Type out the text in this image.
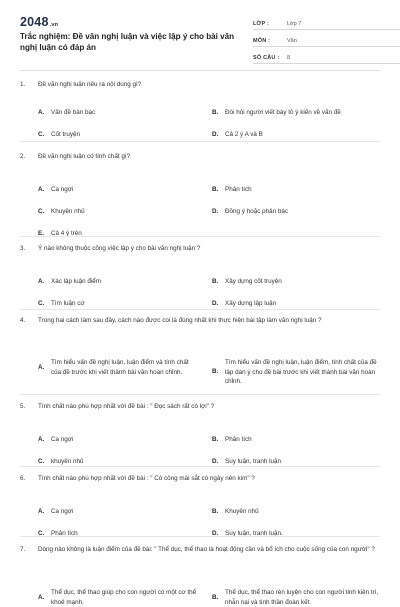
2048.vn
Trắc nghiệm: Đề văn nghị luận và việc lập ý cho bài văn nghị luận có đáp án
LỚP :	Lớp 7
MÔN :	Văn
SỐ CÂU :	8
1.	Đề văn nghị luận nêu ra nội dung gì?
A.	Vấn đề bàn bạc	B.	Đòi hỏi người viết bày tỏ ý kiến về vấn đề
C.	Cốt truyện	D.	Cả 2 ý A và B
2.	Đề văn nghị luận có tính chất gì?
A.	Ca ngợi	B.	Phân tích
C.	Khuyên nhủ	D.	Đồng ý hoặc phản bác
E.	Cả 4 ý trên
3.	Ý nào không thuộc công việc lập ý cho bài văn nghị luận ?
A.	Xác lập luận điểm	B.	Xây dựng cốt truyện
C.	Tìm luận cứ	D.	Xây dựng lập luận
4.	Trong hai cách làm sau đây, cách nào được coi là đúng nhất khi thực hiện bài tập làm văn nghị luận ?
A.
Tìm hiểu vấn đề nghị luận, luận điểm và tính chất của đề trước khi viết thành bài văn hoàn chỉnh.	B.
Tìm hiểu vấn đề nghị luận, luận điểm, tính chất của đề lập dàn ý cho đề bài trước khi viết thành bài văn hoàn chỉnh.
5.	Tính chất nào phù hợp nhất với đề bài : " Đọc sách rất có lợi" ?
A.	Ca ngợi	B.	Phân tích
C.	khuyên nhủ	D.	Suy luận, tranh luận
6.	Tính chất nào phù hợp nhất với đề bài : " Có công mài sắt có ngày nên kim" ?
A.	Ca ngợi	B.	Khuyên nhủ
C.	Phân tích	D.	Suy luận, tranh luận.
7.	Dòng nào không là luận điểm của đề bài: " Thể dục, thể thao là hoạt động cần và bổ ích cho cuộc sống của con người" ?
A.
Thể dục, thể thao giúp cho con người có một cơ thể khoẻ mạnh.
B.
Thể dục, thể thao rèn luyện cho con người tinh kiên trì, nhẫn nại và tinh thần đoàn kết.
